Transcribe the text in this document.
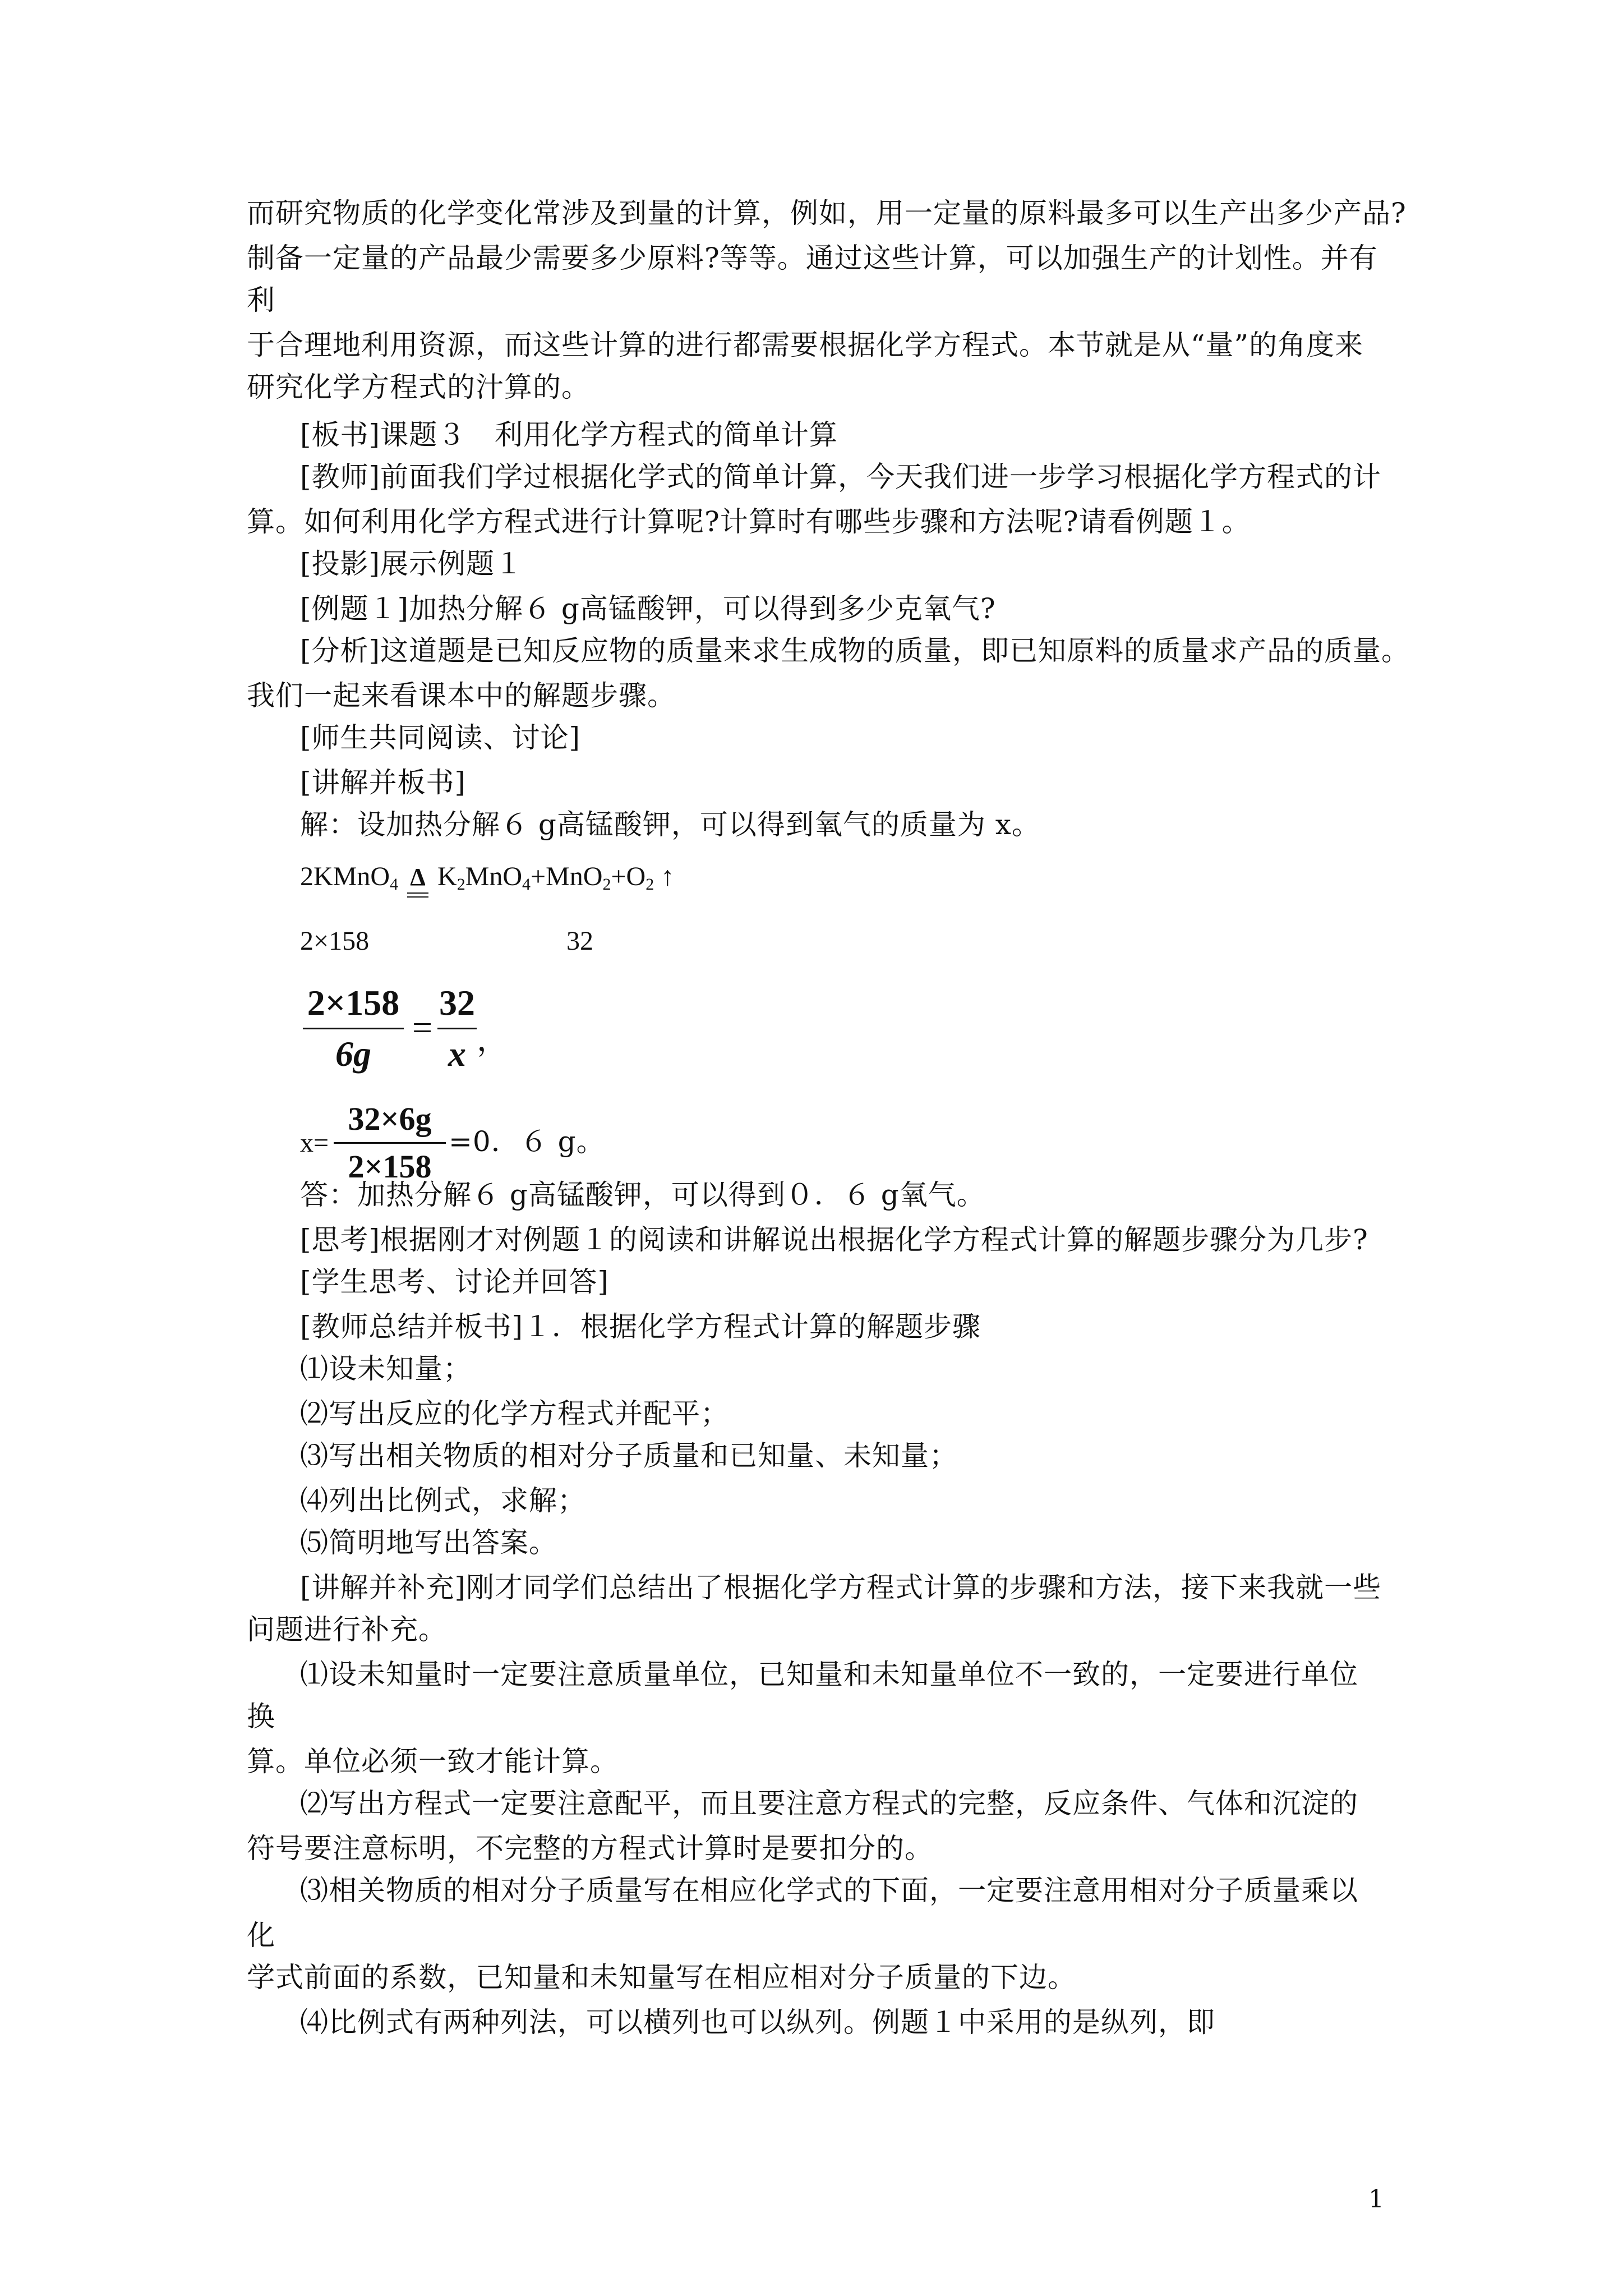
而研究物质的化学变化常涉及到量的计算，例如，用一定量的原料最多可以生产出多少产品?
制备一定量的产品最少需要多少原料?等等。通过这些计算，可以加强生产的计划性。并有
利
于合理地利用资源，而这些计算的进行都需要根据化学方程式。本节就是从“量”的角度来
研究化学方程式的汁算的。
[板书]课题３　利用化学方程式的简单计算
[教师]前面我们学过根据化学式的简单计算，今天我们进一步学习根据化学方程式的计
算。如何利用化学方程式进行计算呢?计算时有哪些步骤和方法呢?请看例题１。
[投影]展示例题１
[例题１]加热分解６ g高锰酸钾，可以得到多少克氧气?
[分析]这道题是已知反应物的质量来求生成物的质量，即已知原料的质量求产品的质量。
我们一起来看课本中的解题步骤。
[师生共同阅读、讨论]
[讲解并板书]
解：设加热分解６ g高锰酸钾，可以得到氧气的质量为 x。
2KMnO$_4$ Δ $K_2MnO_4+MnO_2+O_2$ ↑
2×158	32
2×158
6g
=
32
x ，
x=
32×6g
2×158
=0．６ g。
答：加热分解６ g高锰酸钾，可以得到０．６ g氧气。
[思考]根据刚才对例题１的阅读和讲解说出根据化学方程式计算的解题步骤分为几步?
[学生思考、讨论并回答]
[教师总结并板书]１．根据化学方程式计算的解题步骤
⑴设未知量；
⑵写出反应的化学方程式并配平；
⑶写出相关物质的相对分子质量和已知量、未知量；
⑷列出比例式，求解；
⑸简明地写出答案。
[讲解并补充]刚才同学们总结出了根据化学方程式计算的步骤和方法，接下来我就一些
问题进行补充。
⑴设未知量时一定要注意质量单位，已知量和未知量单位不一致的，一定要进行单位
换
算。单位必须一致才能计算。
⑵写出方程式一定要注意配平，而且要注意方程式的完整，反应条件、气体和沉淀的
符号要注意标明，不完整的方程式计算时是要扣分的。
⑶相关物质的相对分子质量写在相应化学式的下面，一定要注意用相对分子质量乘以
化
学式前面的系数，已知量和未知量写在相应相对分子质量的下边。
⑷比例式有两种列法，可以横列也可以纵列。例题１中采用的是纵列，即
1
